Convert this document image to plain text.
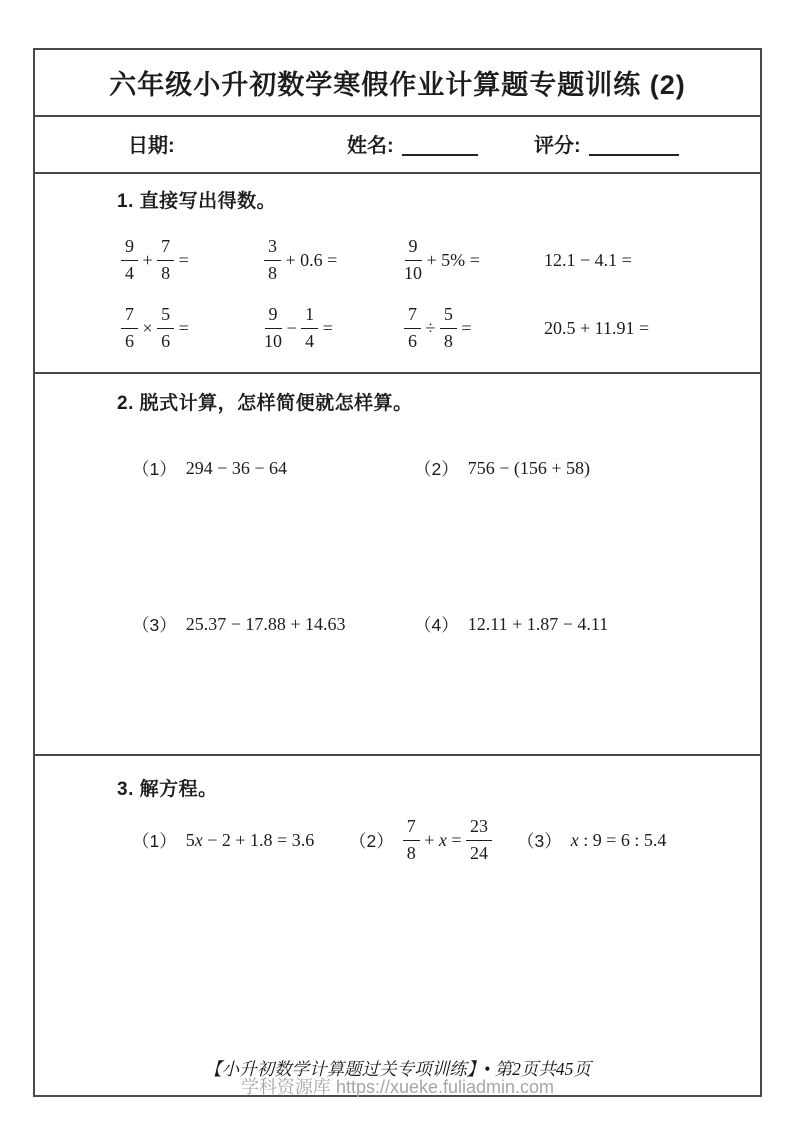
六年级小升初数学寒假作业计算题专题训练 (2)
日期:	姓名:	评分:
1. 直接写出得数。
$\frac{9}{4} + \frac{7}{8}$ =	$\frac{3}{8} + 0.6$ =	$\frac{9}{10} + 5\%$ =	12.1 − 4.1 =
$\frac{7}{6} \times \frac{5}{6}$ =	$\frac{9}{10} - \frac{1}{4}$ =	$\frac{7}{6} \div \frac{5}{8}$ =	20.5 + 11.91 =
2. 脱式计算，怎样简便就怎样算。
（1） 294 − 36 − 64	（2） 756 − (156 + 58)
（3） 25.37 − 17.88 + 14.63	（4） 12.11 + 1.87 − 4.11
3. 解方程。
（1） 5 x − 2 + 1.8 = 3.6 $(2) \frac{7}{8} + x = \frac{23}{24} (3)$ x : 9 = 6 : 5.4
【小升初数学计算题过关专项训练】• 第2页共45页
学科资源库 https://xueke.fuliadmin.com
